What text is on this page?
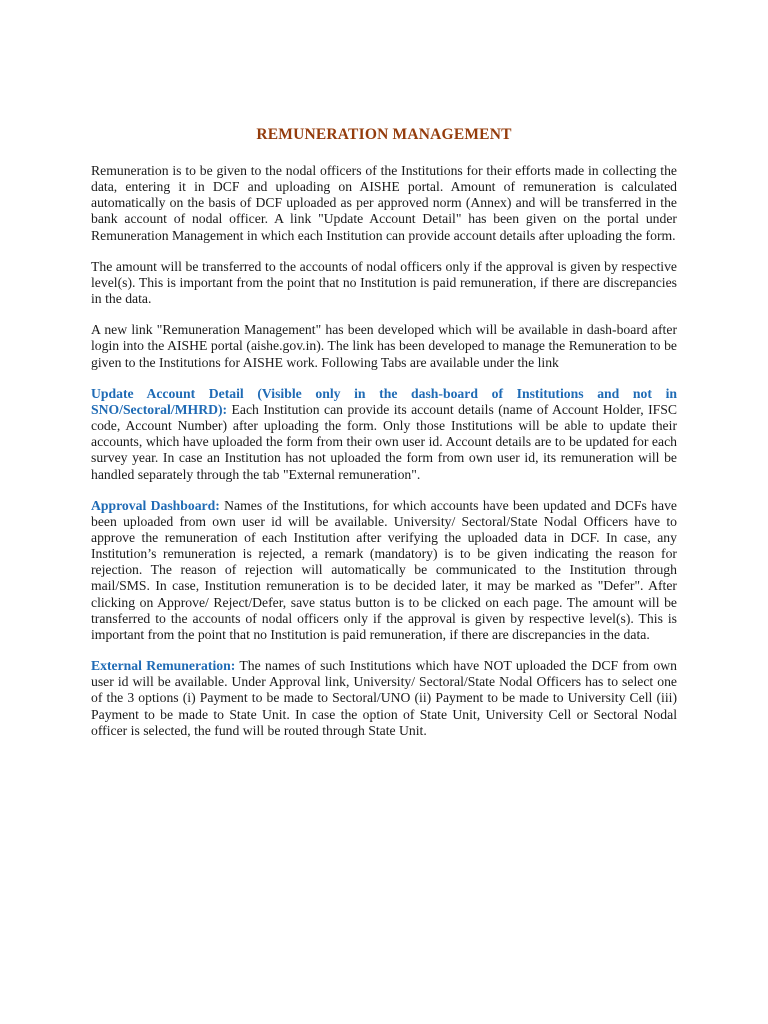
REMUNERATION MANAGEMENT

Remuneration is to be given to the nodal officers of the Institutions for their efforts made in collecting the data, entering it in DCF and uploading on AISHE portal. Amount of remuneration is calculated automatically on the basis of DCF uploaded as per approved norm (Annex) and will be transferred in the bank account of nodal officer. A link "Update Account Detail" has been given on the portal under Remuneration Management in which each Institution can provide account details after uploading the form.

The amount will be transferred to the accounts of nodal officers only if the approval is given by respective level(s). This is important from the point that no Institution is paid remuneration, if there are discrepancies in the data.

A new link "Remuneration Management" has been developed which will be available in dash-board after login into the AISHE portal (aishe.gov.in). The link has been developed to manage the Remuneration to be given to the Institutions for AISHE work. Following Tabs are available under the link

Update Account Detail (Visible only in the dash-board of Institutions and not in SNO/Sectoral/MHRD): Each Institution can provide its account details (name of Account Holder, IFSC code, Account Number) after uploading the form. Only those Institutions will be able to update their accounts, which have uploaded the form from their own user id. Account details are to be updated for each survey year. In case an Institution has not uploaded the form from own user id, its remuneration will be handled separately through the tab "External remuneration".

Approval Dashboard: Names of the Institutions, for which accounts have been updated and DCFs have been uploaded from own user id will be available. University/ Sectoral/State Nodal Officers have to approve the remuneration of each Institution after verifying the uploaded data in DCF. In case, any Institution’s remuneration is rejected, a remark (mandatory) is to be given indicating the reason for rejection. The reason of rejection will automatically be communicated to the Institution through mail/SMS. In case, Institution remuneration is to be decided later, it may be marked as "Defer". After clicking on Approve/ Reject/Defer, save status button is to be clicked on each page. The amount will be transferred to the accounts of nodal officers only if the approval is given by respective level(s). This is important from the point that no Institution is paid remuneration, if there are discrepancies in the data.

External Remuneration: The names of such Institutions which have NOT uploaded the DCF from own user id will be available. Under Approval link, University/ Sectoral/State Nodal Officers has to select one of the 3 options (i) Payment to be made to Sectoral/UNO (ii) Payment to be made to University Cell (iii) Payment to be made to State Unit. In case the option of State Unit, University Cell or Sectoral Nodal officer is selected, the fund will be routed through State Unit.
